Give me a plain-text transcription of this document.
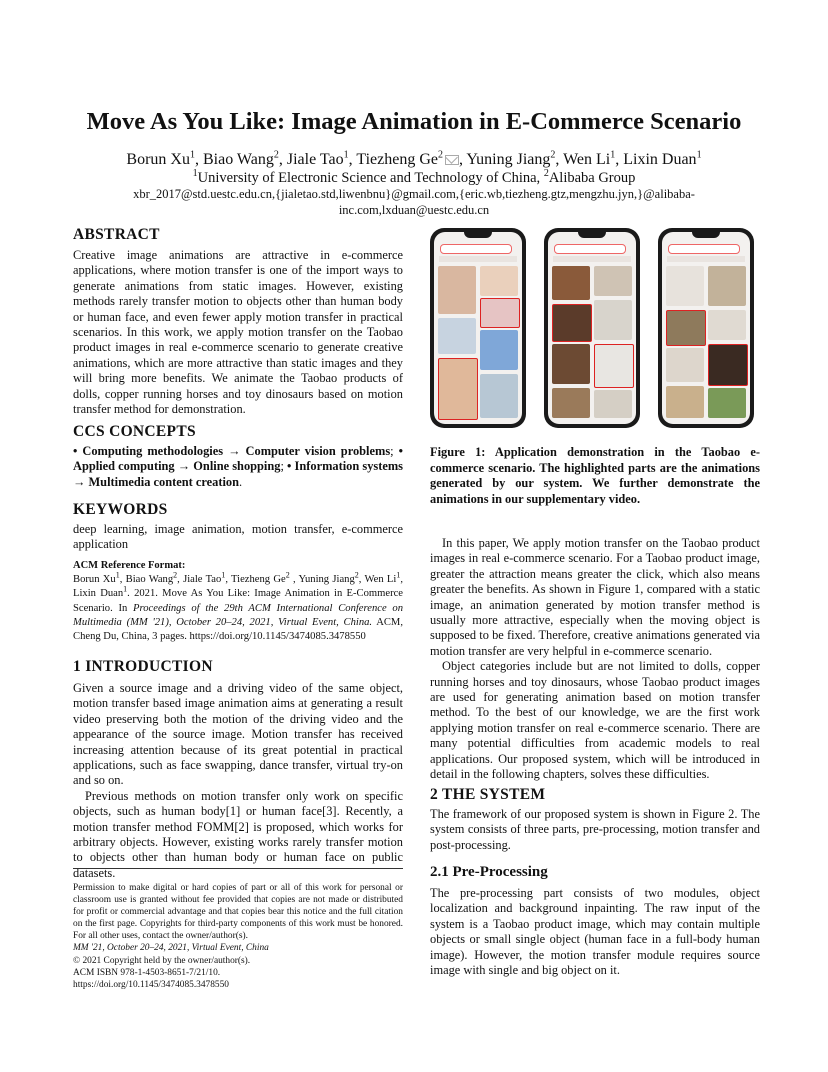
Move As You Like: Image Animation in E-Commerce Scenario
Borun Xu$^1$, Biao Wang$^2$, Jiale Tao$^1$, Tiezheng Ge$^2$ , Yuning Jiang$^2$, Wen Li$^1$, Lixin Duan$^1$
$^1$University of Electronic Science and Technology of China, $^2$Alibaba Group
xbr_2017@std.uestc.edu.cn,{jialetao.std,liwenbnu}@gmail.com,{eric.wb,tiezheng.gtz,mengzhu.jyn,}@alibaba-inc.com,lxduan@uestc.edu.cn
ABSTRACT
Creative image animations are attractive in e-commerce applications, where motion transfer is one of the import ways to generate animations from static images. However, existing methods rarely transfer motion to objects other than human body or human face, and even fewer apply motion transfer in practical scenarios. In this work, we apply motion transfer on the Taobao product images in real e-commerce scenario to generate creative animations, which are more attractive than static images and they will bring more benefits. We animate the Taobao products of dolls, copper running horses and toy dinosaurs based on motion transfer method for demonstration.
CCS CONCEPTS
• Computing methodologies → Computer vision problems; • Applied computing → Online shopping; • Information systems → Multimedia content creation.
KEYWORDS
deep learning, image animation, motion transfer, e-commerce application
ACM Reference Format:
Borun Xu$^1$, Biao Wang$^2$, Jiale Tao$^1$, Tiezheng Ge$^2$ , Yuning Jiang$^2$, Wen Li$^1$, Lixin Duan$^1$. 2021. Move As You Like: Image Animation in E-Commerce Scenario. In Proceedings of the 29th ACM International Conference on Multimedia (MM '21), October 20–24, 2021, Virtual Event, China. ACM, Cheng Du, China, 3 pages. https://doi.org/10.1145/3474085.3478550
1 INTRODUCTION

Given a source image and a driving video of the same object, motion transfer based image animation aims at generating a result video preserving both the motion of the driving video and the appearance of the source image. Motion transfer has received increasing attention because of its great potential in practical applications, such as face swapping, dance transfer, virtual try-on and so on.

Previous methods on motion transfer only work on specific objects, such as human body[1] or human face[3]. Recently, a motion transfer method FOMM[2] is proposed, which works for arbitrary objects. However, existing works rarely transfer motion to objects other than human body or human face on public datasets.

Permission to make digital or hard copies of part or all of this work for personal or classroom use is granted without fee provided that copies are not made or distributed for profit or commercial advantage and that copies bear this notice and the full citation on the first page. Copyrights for third-party components of this work must be honored. For all other uses, contact the owner/author(s).
MM '21, October 20–24, 2021, Virtual Event, China
© 2021 Copyright held by the owner/author(s).
ACM ISBN 978-1-4503-8651-7/21/10.
https://doi.org/10.1145/3474085.3478550
Figure 1: Application demonstration in the Taobao e-commerce scenario. The highlighted parts are the animations generated by our system. We further demonstrate the animations in our supplementary video.

In this paper, We apply motion transfer on the Taobao product images in real e-commerce scenario. For a Taobao product image, greater the attraction means greater the click, which also means greater the benefits. As shown in Figure 1, compared with a static image, an animation generated by motion transfer method is usually more attractive, especially when the moving object is supposed to be fixed. Therefore, creative animations generated via motion transfer are very helpful in e-commerce scenario.

Object categories include but are not limited to dolls, copper running horses and toy dinosaurs, whose Taobao product images are used for generating animation based on motion transfer method. To the best of our knowledge, we are the first work applying motion transfer on real e-commerce scenario. There are many potential difficulties from academic models to real applications. Our proposed system, which will be introduced in detail in the following chapters, solves these difficulties.

2 THE SYSTEM
The framework of our proposed system is shown in Figure 2. The system consists of three parts, pre-processing, motion transfer and post-processing.
2.1 Pre-Processing
The pre-processing part consists of two modules, object localization and background inpainting. The raw input of the system is a Taobao product image, which may contain multiple objects or small single object (human face in a full-body human image). However, the motion transfer module requires source image with single and big object on it.
